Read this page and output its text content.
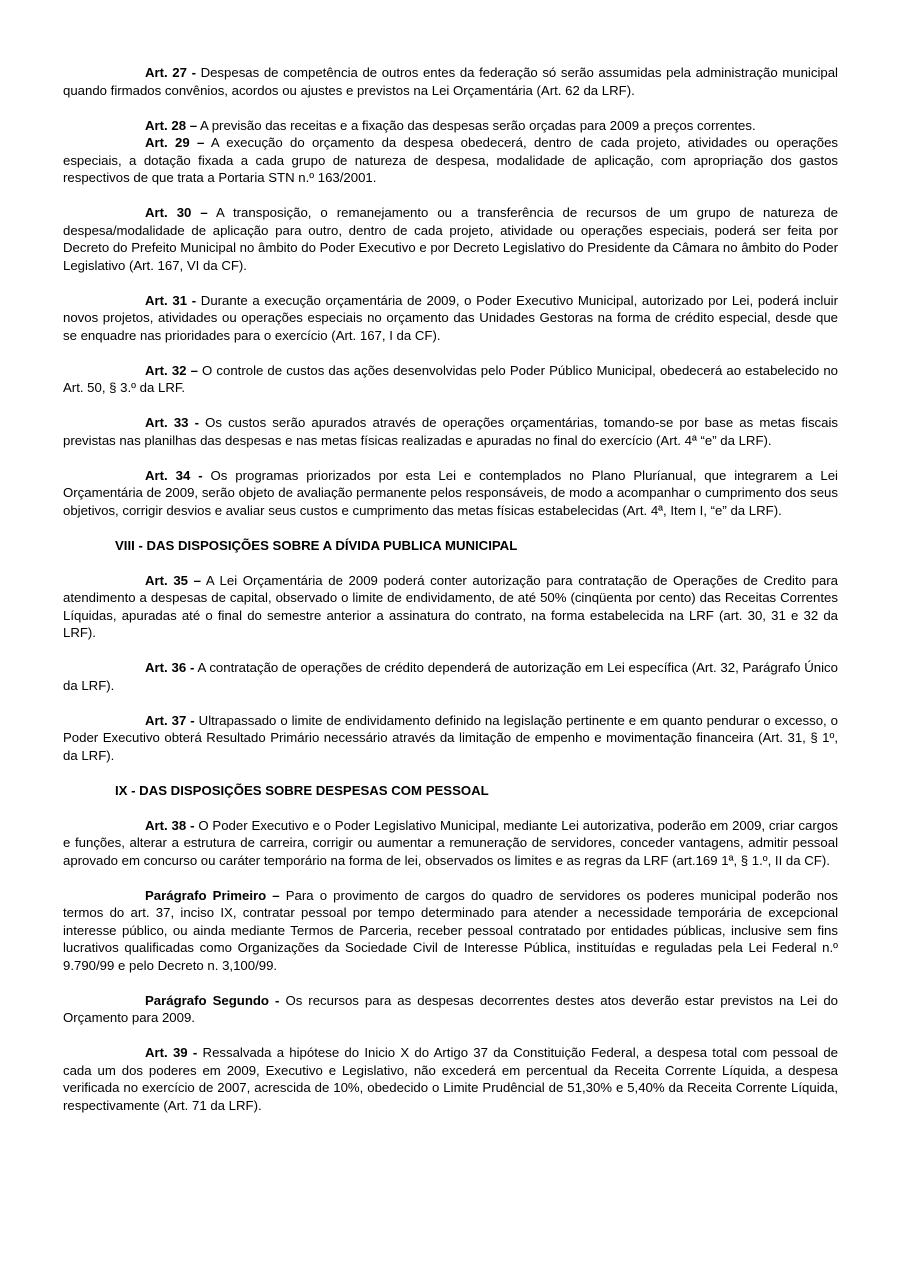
Art. 27 - Despesas de competência de outros entes da federação só serão assumidas pela administração municipal quando firmados convênios, acordos ou ajustes e previstos na Lei Orçamentária (Art. 62 da LRF).

Art. 28 – A previsão das receitas e a fixação das despesas serão orçadas para 2009 a preços correntes.

Art. 29 – A execução do orçamento da despesa obedecerá, dentro de cada projeto, atividades ou operações especiais, a dotação fixada a cada grupo de natureza de despesa, modalidade de aplicação, com apropriação dos gastos respectivos de que trata a Portaria STN n.º 163/2001.

Art. 30 – A transposição, o remanejamento ou a transferência de recursos de um grupo de natureza de despesa/modalidade de aplicação para outro, dentro de cada projeto, atividade ou operações especiais, poderá ser feita por Decreto do Prefeito Municipal no âmbito do Poder Executivo e por Decreto Legislativo do Presidente da Câmara no âmbito do Poder Legislativo (Art. 167, VI da CF).

Art. 31 - Durante a execução orçamentária de 2009, o Poder Executivo Municipal, autorizado por Lei, poderá incluir novos projetos, atividades ou operações especiais no orçamento das Unidades Gestoras na forma de crédito especial, desde que se enquadre nas prioridades para o exercício (Art. 167, I da CF).

Art. 32 – O controle de custos das ações desenvolvidas pelo Poder Público Municipal, obedecerá ao estabelecido no Art. 50, § 3.º da LRF.

Art. 33 - Os custos serão apurados através de operações orçamentárias, tomando-se por base as metas fiscais previstas nas planilhas das despesas e nas metas físicas realizadas e apuradas no final do exercício (Art. 4ª “e” da LRF).

Art. 34 - Os programas priorizados por esta Lei e contemplados no Plano Pluríanual, que integrarem a Lei Orçamentária de 2009, serão objeto de avaliação permanente pelos responsáveis, de modo a acompanhar o cumprimento dos seus objetivos, corrigir desvios e avaliar seus custos e cumprimento das metas físicas estabelecidas (Art. 4ª, Item I, “e” da LRF).

VIII - DAS DISPOSIÇÕES SOBRE A DÍVIDA PUBLICA MUNICIPAL

Art. 35 – A Lei Orçamentária de 2009 poderá conter autorização para contratação de Operações de Credito para atendimento a despesas de capital, observado o limite de endividamento, de até 50% (cinqüenta por cento) das Receitas Correntes Líquidas, apuradas até o final do semestre anterior a assinatura do contrato, na forma estabelecida na LRF (art. 30, 31 e 32 da LRF).

Art. 36 - A contratação de operações de crédito dependerá de autorização em Lei específica (Art. 32, Parágrafo Único da LRF).

Art. 37 - Ultrapassado o limite de endividamento definido na legislação pertinente e em quanto pendurar o excesso, o Poder Executivo obterá Resultado Primário necessário através da limitação de empenho e movimentação financeira (Art. 31, § 1º, da LRF).

IX - DAS DISPOSIÇÕES SOBRE DESPESAS COM PESSOAL

Art. 38 - O Poder Executivo e o Poder Legislativo Municipal, mediante Lei autorizativa, poderão em 2009, criar cargos e funções, alterar a estrutura de carreira, corrigir ou aumentar a remuneração de servidores, conceder vantagens, admitir pessoal aprovado em concurso ou caráter temporário na forma de lei, observados os limites e as regras da LRF (art.169 1ª, § 1.º, II da CF).

Parágrafo Primeiro – Para o provimento de cargos do quadro de servidores os poderes municipal poderão nos termos do art. 37, inciso IX, contratar pessoal por tempo determinado para atender a necessidade temporária de excepcional interesse público, ou ainda mediante Termos de Parceria, receber pessoal contratado por entidades públicas, inclusive sem fins lucrativos qualificadas como Organizações da Sociedade Civil de Interesse Pública, instituídas e reguladas pela Lei Federal n.º 9.790/99 e pelo Decreto n. 3,100/99.

Parágrafo Segundo - Os recursos para as despesas decorrentes destes atos deverão estar previstos na Lei do Orçamento para 2009.

Art. 39 - Ressalvada a hipótese do Inicio X do Artigo 37 da Constituição Federal, a despesa total com pessoal de cada um dos poderes em 2009, Executivo e Legislativo, não excederá em percentual da Receita Corrente Líquida, a despesa verificada no exercício de 2007, acrescida de 10%, obedecido o Limite Prudêncial de 51,30% e 5,40% da Receita Corrente Líquida, respectivamente (Art. 71 da LRF).
